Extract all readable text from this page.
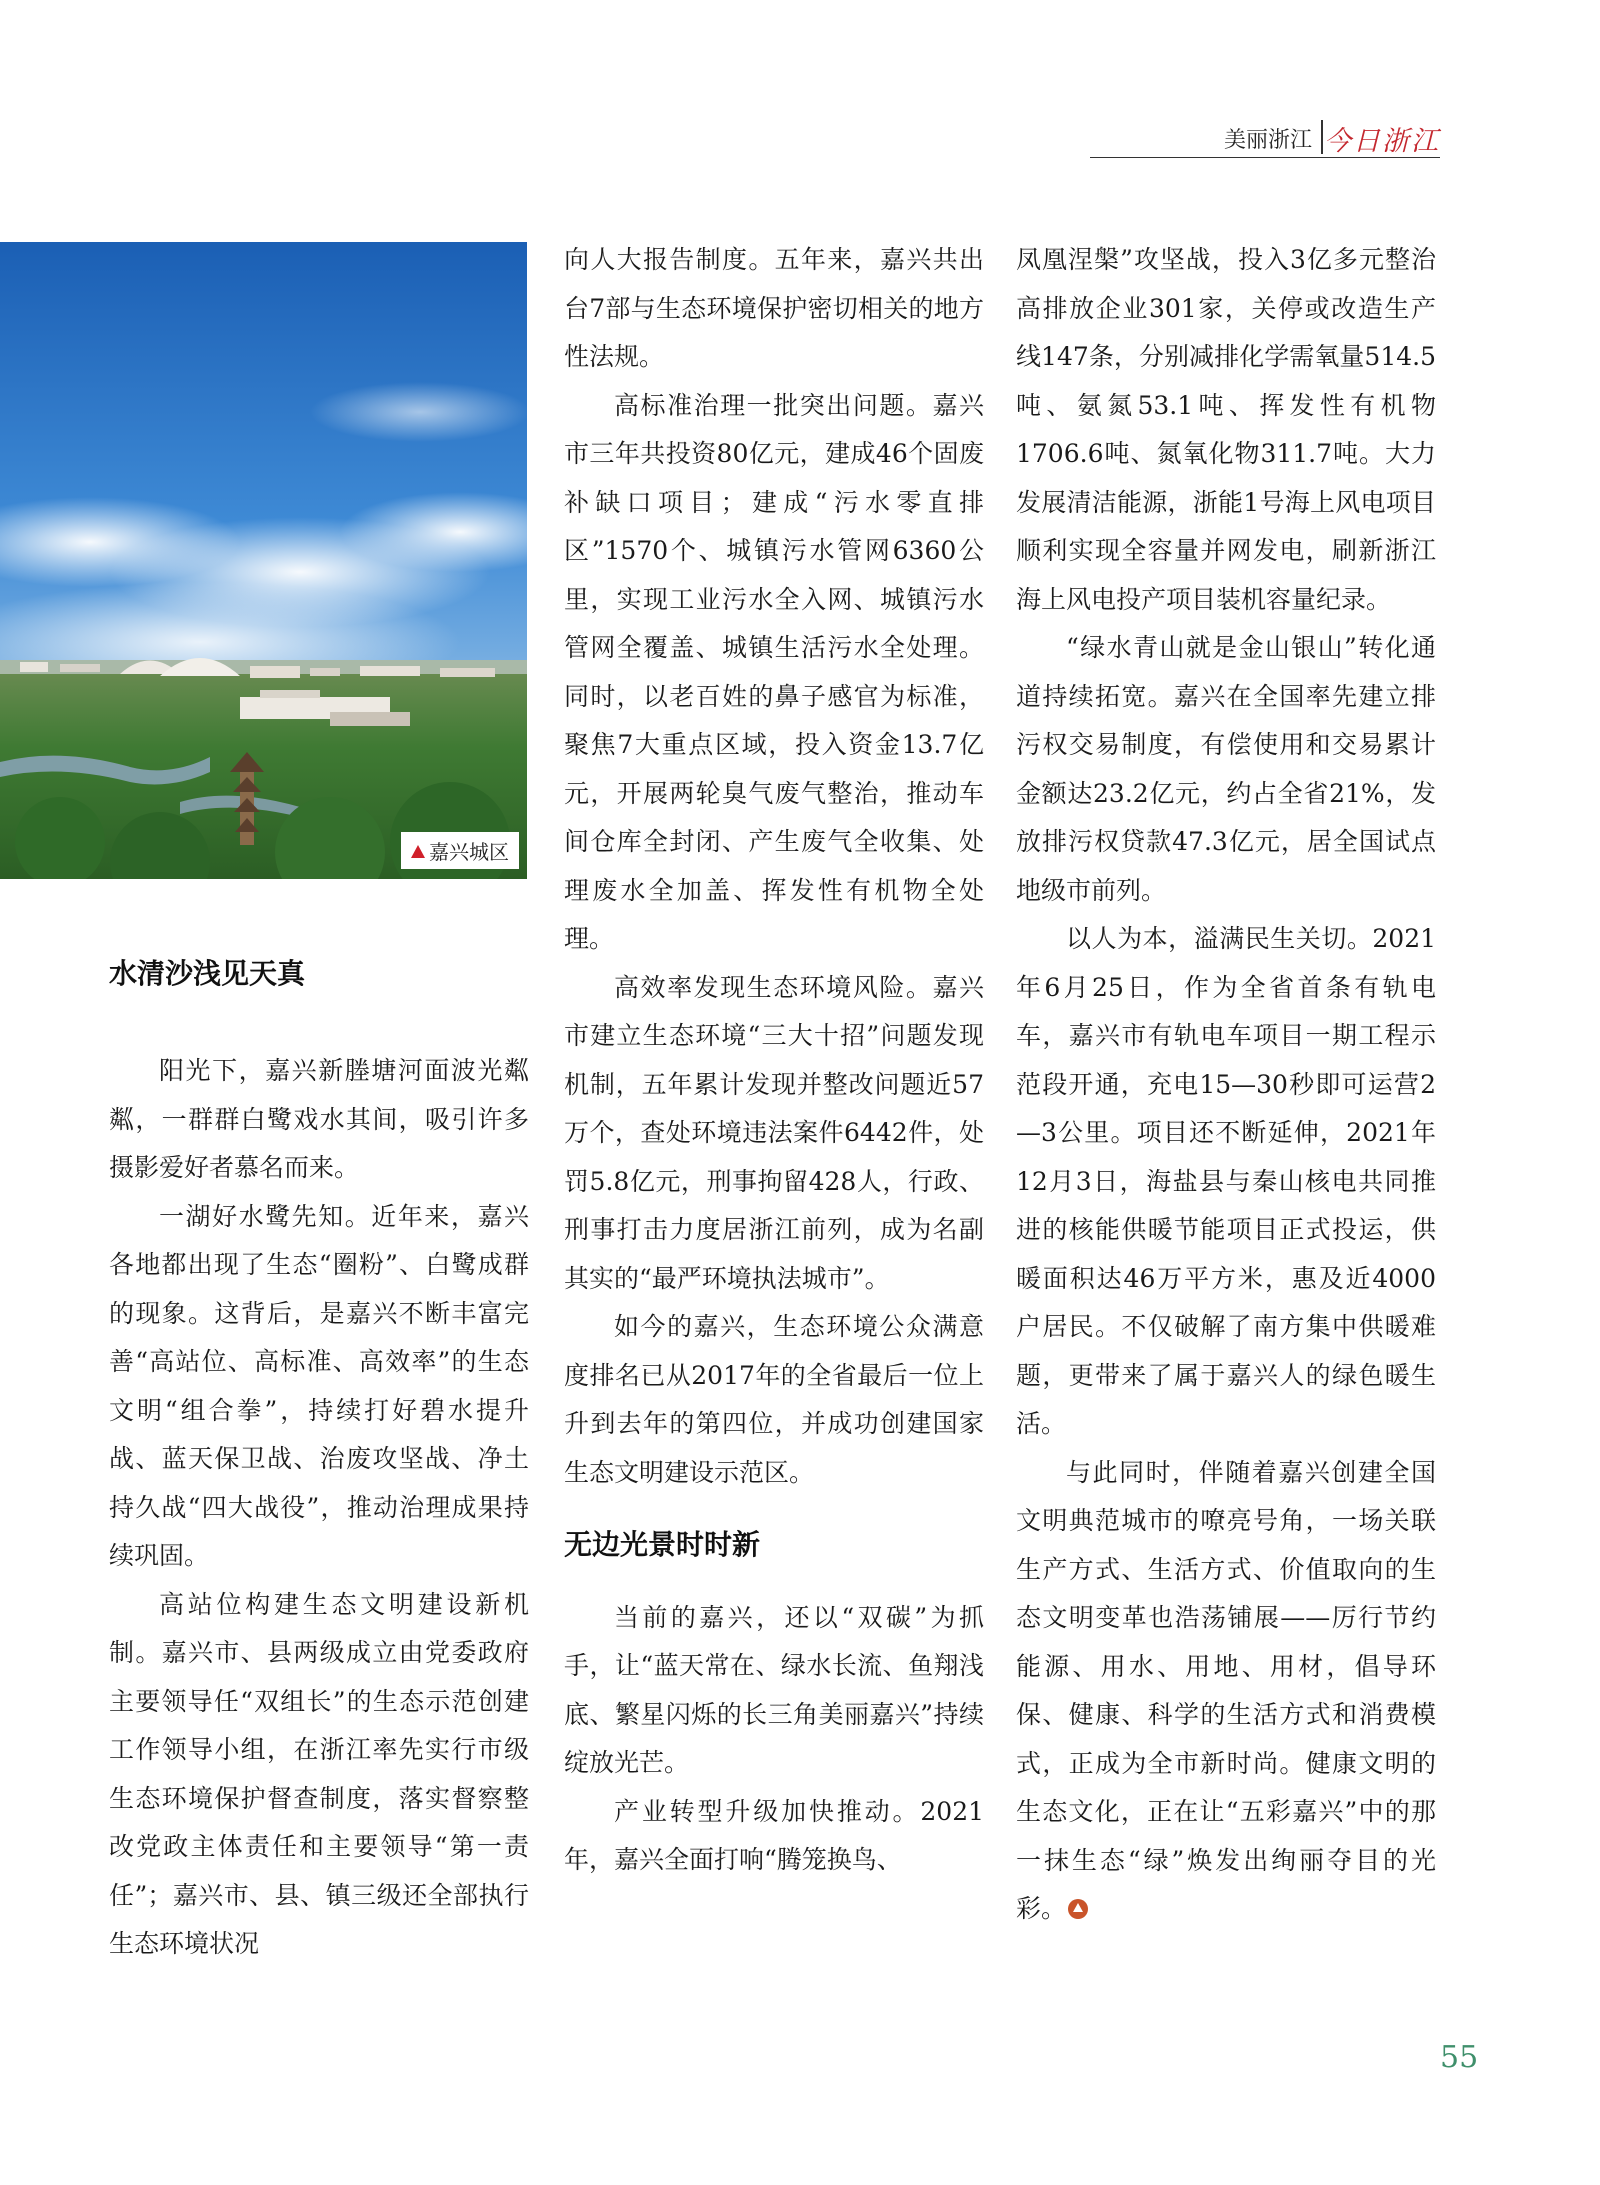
美丽浙江 今日浙江
嘉兴城区
水清沙浅见天真

阳光下，嘉兴新塍塘河面波光粼粼，一群群白鹭戏水其间，吸引许多摄影爱好者慕名而来。

一湖好水鹭先知。近年来，嘉兴各地都出现了生态“圈粉”、白鹭成群的现象。这背后，是嘉兴不断丰富完善“高站位、高标准、高效率”的生态文明“组合拳”，持续打好碧水提升战、蓝天保卫战、治废攻坚战、净土持久战“四大战役”，推动治理成果持续巩固。

高站位构建生态文明建设新机制。嘉兴市、县两级成立由党委政府主要领导任“双组长”的生态示范创建工作领导小组，在浙江率先实行市级生态环境保护督查制度，落实督察整改党政主体责任和主要领导“第一责任”；嘉兴市、县、镇三级还全部执行生态环境状况

向人大报告制度。五年来，嘉兴共出台7部与生态环境保护密切相关的地方性法规。

高标准治理一批突出问题。嘉兴市三年共投资80亿元，建成46个固废补缺口项目；建成“污水零直排区”1570个、城镇污水管网6360公里，实现工业污水全入网、城镇污水管网全覆盖、城镇生活污水全处理。同时，以老百姓的鼻子感官为标准，聚焦7大重点区域，投入资金13.7亿元，开展两轮臭气废气整治，推动车间仓库全封闭、产生废气全收集、处理废水全加盖、挥发性有机物全处理。

高效率发现生态环境风险。嘉兴市建立生态环境“三大十招”问题发现机制，五年累计发现并整改问题近57万个，查处环境违法案件6442件，处罚5.8亿元，刑事拘留428人，行政、刑事打击力度居浙江前列，成为名副其实的“最严环境执法城市”。

如今的嘉兴，生态环境公众满意度排名已从2017年的全省最后一位上升到去年的第四位，并成功创建国家生态文明建设示范区。

无边光景时时新

当前的嘉兴，还以“双碳”为抓手，让“蓝天常在、绿水长流、鱼翔浅底、繁星闪烁的长三角美丽嘉兴”持续绽放光芒。

产业转型升级加快推动。2021年，嘉兴全面打响“腾笼换鸟、

凤凰涅槃”攻坚战，投入3亿多元整治高排放企业301家，关停或改造生产线147条，分别减排化学需氧量514.5吨、氨氮53.1吨、挥发性有机物1706.6吨、氮氧化物311.7吨。大力发展清洁能源，浙能1号海上风电项目顺利实现全容量并网发电，刷新浙江海上风电投产项目装机容量纪录。

“绿水青山就是金山银山”转化通道持续拓宽。嘉兴在全国率先建立排污权交易制度，有偿使用和交易累计金额达23.2亿元，约占全省21%，发放排污权贷款47.3亿元，居全国试点地级市前列。

以人为本，溢满民生关切。2021年6月25日，作为全省首条有轨电车，嘉兴市有轨电车项目一期工程示范段开通，充电15—30秒即可运营2—3公里。项目还不断延伸，2021年12月3日，海盐县与秦山核电共同推进的核能供暖节能项目正式投运，供暖面积达46万平方米，惠及近4000户居民。不仅破解了南方集中供暖难题，更带来了属于嘉兴人的绿色暖生活。

与此同时，伴随着嘉兴创建全国文明典范城市的嘹亮号角，一场关联生产方式、生活方式、价值取向的生态文明变革也浩荡铺展——厉行节约能源、用水、用地、用材，倡导环保、健康、科学的生活方式和消费模式，正成为全市新时尚。健康文明的生态文化，正在让“五彩嘉兴”中的那一抹生态“绿”焕发出绚丽夺目的光彩。

55
